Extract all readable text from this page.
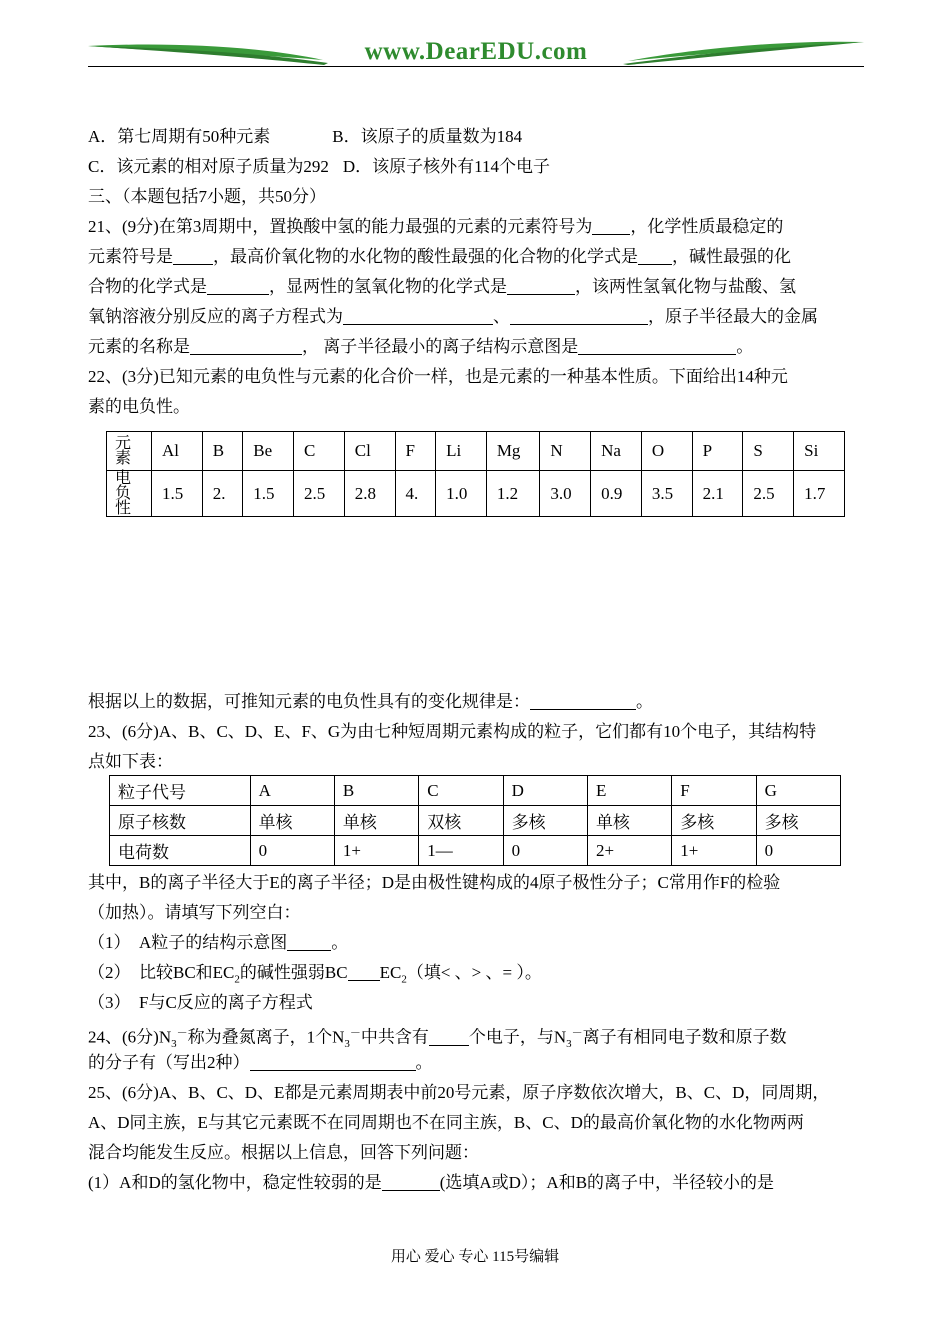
www.DearEDU.com
A．第七周期有50种元素	B．该原子的质量数为184
C．该元素的相对原子质量为292 D．该原子核外有114个电子
三、（本题包括7小题，共50分）
21、(9分)在第3周期中，置换酸中氢的能力最强的元素的元素符号为 ，化学性质最稳定的
元素符号是 ，最高价氧化物的水化物的酸性最强的化合物的化学式是 ，碱性最强的化
合物的化学式是	，显两性的氢氧化物的化学式是	，该两性氢氧化物与盐酸、氢
氧钠溶液分别反应的离子方程式为	、	，原子半径最大的金属
元素的名称是	， 离子半径最小的离子结构示意图是	。
22、(3分)已知元素的电负性与元素的化合价一样，也是元素的一种基本性质。下面给出14种元
素的电负性。
元素	Al	B	Be	C	Cl	F	Li	Mg	N	Na	O	P	S	Si
电负性	1.5	2.	1.5	2.5	2.8	4.	1.0	1.2	3.0	0.9	3.5	2.1	2.5	1.7
根据以上的数据，可推知元素的电负性具有的变化规律是：	。
23、(6分)A、B、C、D、E、F、G为由七种短周期元素构成的粒子，它们都有10个电子，其结构特
点如下表：
粒子代号	A	B	C	D	E	F	G
原子核数	单核	单核	双核	多核	单核	多核	多核
电荷数	0	1+	1—	0	2+	1+	0
其中，B的离子半径大于E的离子半径；D是由极性键构成的4原子极性分子；C常用作F的检验
（加热）。请填写下列空白：
（1）　A粒子的结构示意图	。
（2）　比较BC和$EC_2$的碱性强弱BC $EC_2$（填< 、> 、= ）。
（3）　F与C反应的离子方程式
24、(6分)$N_3^-$称为叠氮离子，1个$N_3^-$中共含有 个电子，与$N_3^-$离子有相同电子数和原子数
的分子有（写出2种）	。
25、(6分)A、B、C、D、E都是元素周期表中前20号元素，原子序数依次增大，B、C、D，同周期，
A、D同主族，E与其它元素既不在同周期也不在同主族，B、C、D的最高价氧化物的水化物两两
混合均能发生反应。根据以上信息，回答下列问题：
(1）A和D的氢化物中，稳定性较弱的是	(选填A或D）；A和B的离子中，半径较小的是
用心 爱心 专心 115号编辑
